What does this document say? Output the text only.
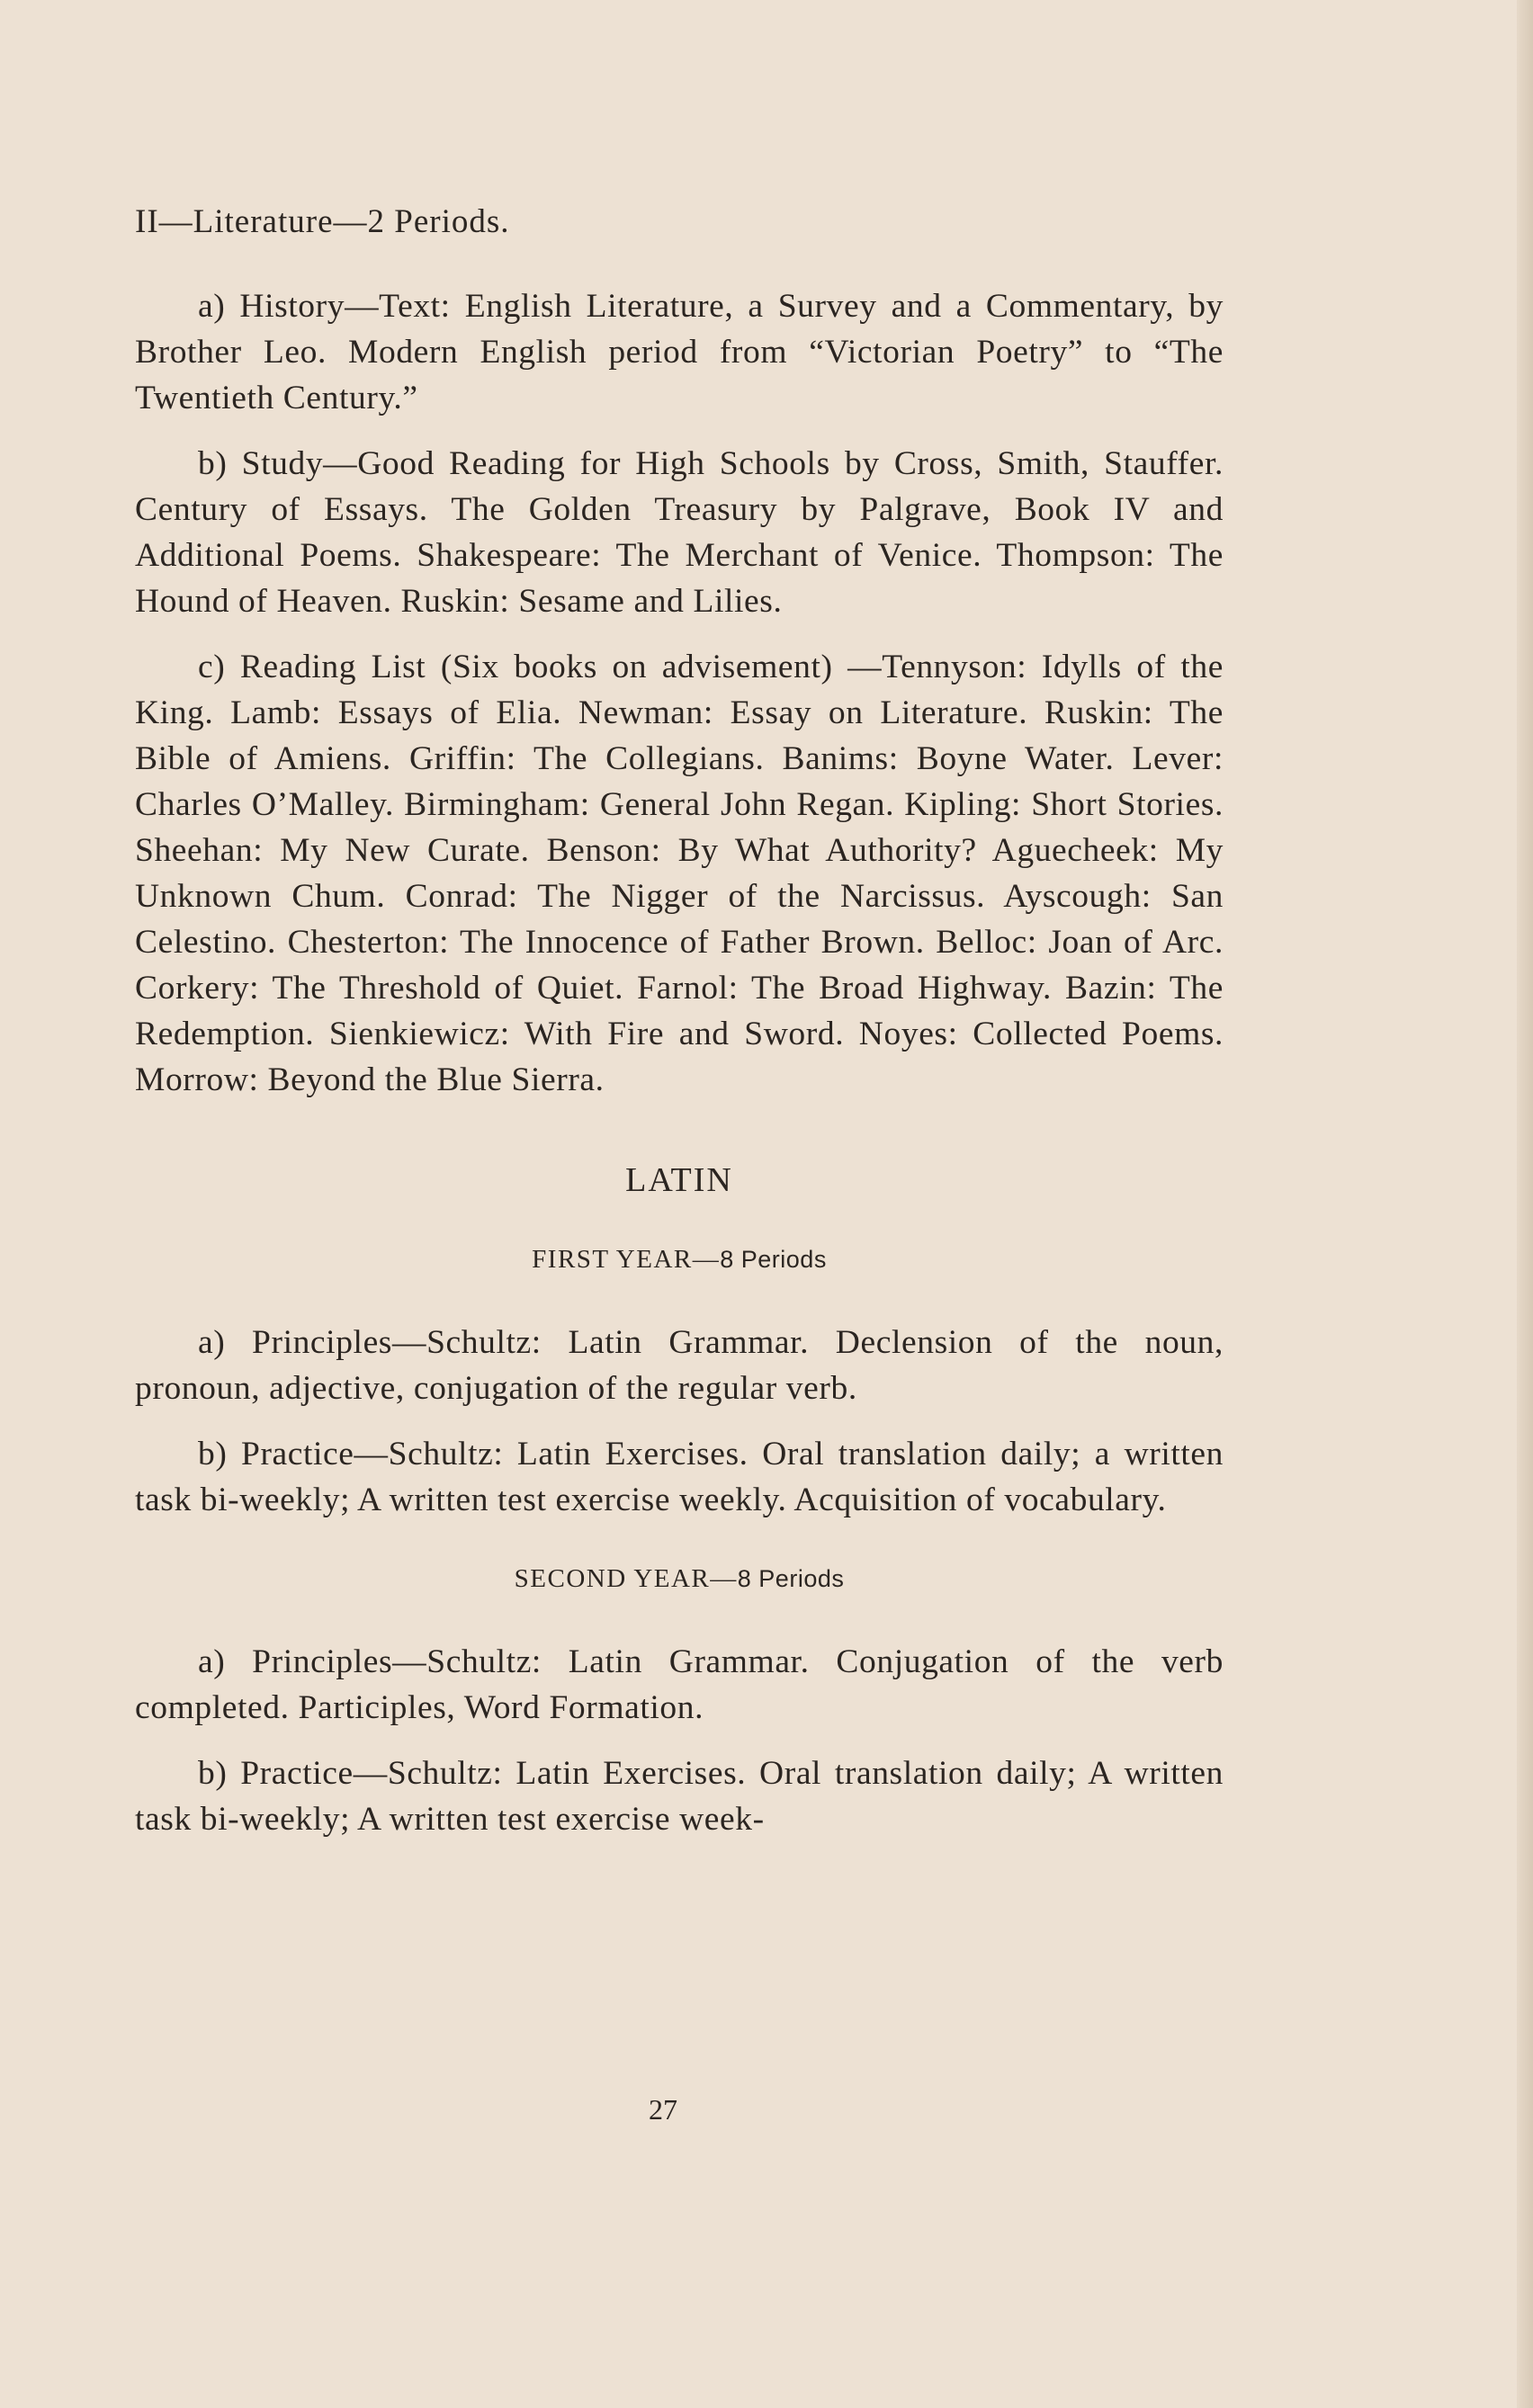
II—Literature—2 Periods.

a) History—Text: English Literature, a Survey and a Commentary, by Brother Leo. Modern English period from “Victorian Poetry” to “The Twentieth Century.”

b) Study—Good Reading for High Schools by Cross, Smith, Stauffer. Century of Essays. The Golden Treasury by Palgrave, Book IV and Additional Poems. Shakespeare: The Merchant of Venice. Thompson: The Hound of Heaven. Ruskin: Sesame and Lilies.

c) Reading List (Six books on advisement) —Tennyson: Idylls of the King. Lamb: Essays of Elia. Newman: Essay on Literature. Ruskin: The Bible of Amiens. Griffin: The Collegians. Banims: Boyne Water. Lever: Charles O’Malley. Birmingham: General John Regan. Kipling: Short Stories. Sheehan: My New Curate. Benson: By What Authority? Aguecheek: My Unknown Chum. Conrad: The Nigger of the Narcissus. Ayscough: San Celestino. Chesterton: The Innocence of Father Brown. Belloc: Joan of Arc. Corkery: The Threshold of Quiet. Farnol: The Broad Highway. Bazin: The Redemption. Sienkiewicz: With Fire and Sword. Noyes: Collected Poems. Morrow: Beyond the Blue Sierra.

LATIN
FIRST YEAR—8 Periods

a) Principles—Schultz: Latin Grammar. Declension of the noun, pronoun, adjective, conjugation of the regular verb.

b) Practice—Schultz: Latin Exercises. Oral translation daily; a written task bi-weekly; A written test exercise weekly. Acquisition of vocabulary.

SECOND YEAR—8 Periods

a) Principles—Schultz: Latin Grammar. Conjugation of the verb completed. Participles, Word Formation.

b) Practice—Schultz: Latin Exercises. Oral translation daily; A written task bi-weekly; A written test exercise week-

27
